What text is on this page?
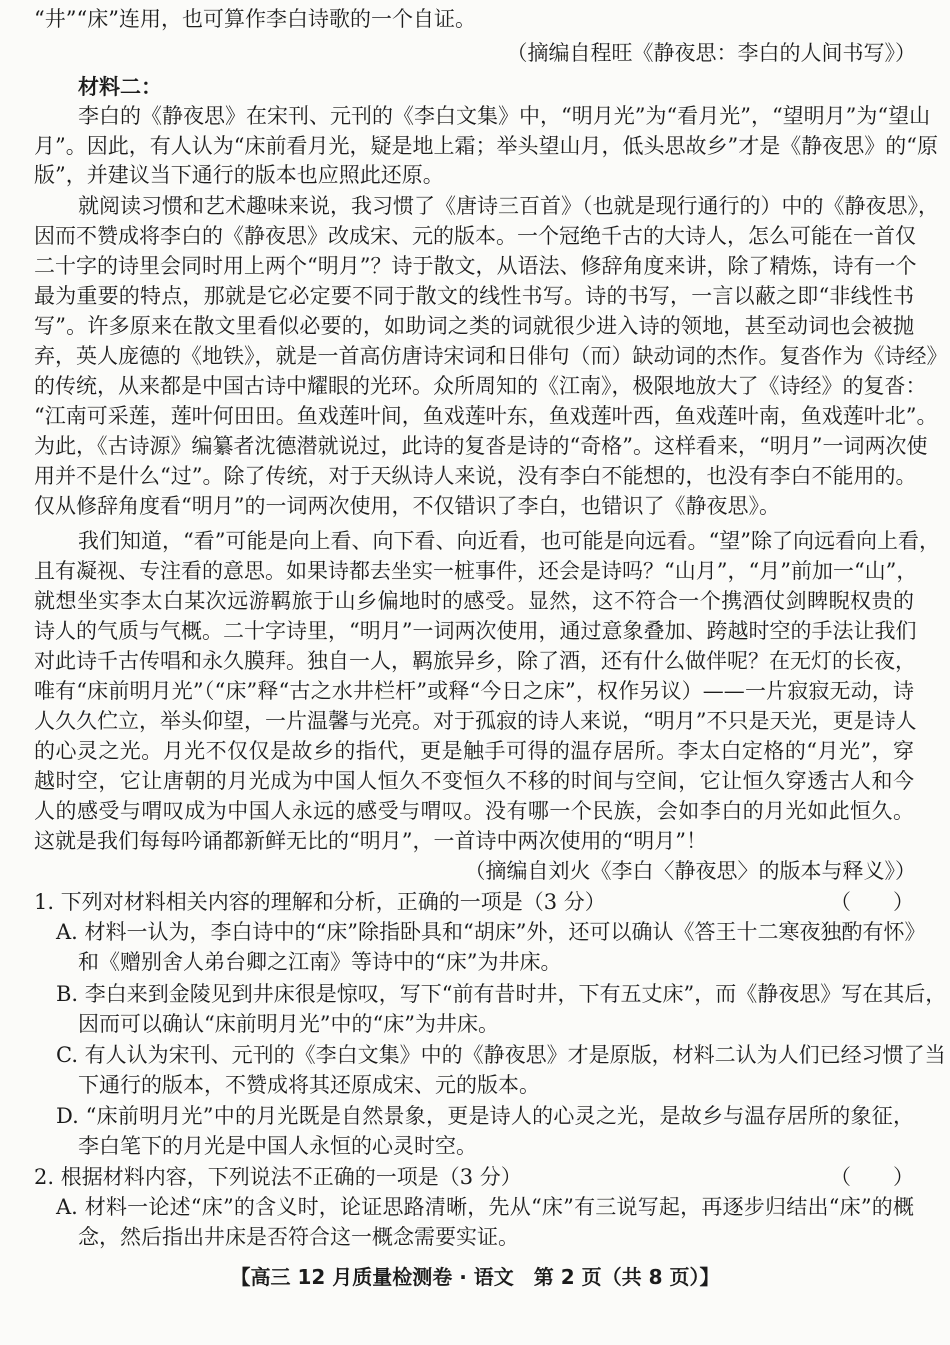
“井”“床”连用，也可算作李白诗歌的一个自证。
（摘编自程旺《静夜思：李白的人间书写》）
材料二：
李白的《静夜思》在宋刊、元刊的《李白文集》中，“明月光”为“看月光”，“望明月”为“望山
月”。因此，有人认为“床前看月光，疑是地上霜；举头望山月，低头思故乡”才是《静夜思》的“原
版”，并建议当下通行的版本也应照此还原。
就阅读习惯和艺术趣味来说，我习惯了《唐诗三百首》（也就是现行通行的）中的《静夜思》，
因而不赞成将李白的《静夜思》改成宋、元的版本。一个冠绝千古的大诗人，怎么可能在一首仅
二十字的诗里会同时用上两个“明月”？诗于散文，从语法、修辞角度来讲，除了精炼，诗有一个
最为重要的特点，那就是它必定要不同于散文的线性书写。诗的书写，一言以蔽之即“非线性书
写”。许多原来在散文里看似必要的，如助词之类的词就很少进入诗的领地，甚至动词也会被抛
弃，英人庞德的《地铁》，就是一首高仿唐诗宋词和日俳句（而）缺动词的杰作。复沓作为《诗经》
的传统，从来都是中国古诗中耀眼的光环。众所周知的《江南》，极限地放大了《诗经》的复沓：
“江南可采莲，莲叶何田田。鱼戏莲叶间，鱼戏莲叶东，鱼戏莲叶西，鱼戏莲叶南，鱼戏莲叶北”。
为此，《古诗源》编纂者沈德潜就说过，此诗的复沓是诗的“奇格”。这样看来，“明月”一词两次使
用并不是什么“过”。除了传统，对于天纵诗人来说，没有李白不能想的，也没有李白不能用的。
仅从修辞角度看“明月”的一词两次使用，不仅错识了李白，也错识了《静夜思》。
我们知道，“看”可能是向上看、向下看、向近看，也可能是向远看。“望”除了向远看向上看，
且有凝视、专注看的意思。如果诗都去坐实一桩事件，还会是诗吗？“山月”，“月”前加一“山”，
就想坐实李太白某次远游羁旅于山乡偏地时的感受。显然，这不符合一个携酒仗剑睥睨权贵的
诗人的气质与气概。二十字诗里，“明月”一词两次使用，通过意象叠加、跨越时空的手法让我们
对此诗千古传唱和永久膜拜。独自一人，羁旅异乡，除了酒，还有什么做伴呢？在无灯的长夜，
唯有“床前明月光”（“床”释“古之水井栏杆”或释“今日之床”，权作另议）——一片寂寂无动，诗
人久久伫立，举头仰望，一片温馨与光亮。对于孤寂的诗人来说，“明月”不只是天光，更是诗人
的心灵之光。月光不仅仅是故乡的指代，更是触手可得的温存居所。李太白定格的“月光”，穿
越时空，它让唐朝的月光成为中国人恒久不变恒久不移的时间与空间，它让恒久穿透古人和今
人的感受与喟叹成为中国人永远的感受与喟叹。没有哪一个民族，会如李白的月光如此恒久。
这就是我们每每吟诵都新鲜无比的“明月”，一首诗中两次使用的“明月”！
（摘编自刘火《李白〈静夜思〉的版本与释义》）
1. 下列对材料相关内容的理解和分析，正确的一项是（3 分）	（　　）
A. 材料一认为，李白诗中的“床”除指卧具和“胡床”外，还可以确认《答王十二寒夜独酌有怀》
和《赠别舍人弟台卿之江南》等诗中的“床”为井床。
B. 李白来到金陵见到井床很是惊叹，写下“前有昔时井，下有五丈床”，而《静夜思》写在其后，
因而可以确认“床前明月光”中的“床”为井床。
C. 有人认为宋刊、元刊的《李白文集》中的《静夜思》才是原版，材料二认为人们已经习惯了当
下通行的版本，不赞成将其还原成宋、元的版本。
D. “床前明月光”中的月光既是自然景象，更是诗人的心灵之光，是故乡与温存居所的象征，
李白笔下的月光是中国人永恒的心灵时空。
2. 根据材料内容，下列说法不正确的一项是（3 分）	（　　）
A. 材料一论述“床”的含义时，论证思路清晰，先从“床”有三说写起，再逐步归结出“床”的概
念，然后指出井床是否符合这一概念需要实证。
【高三 12 月质量检测卷 · 语文　第 2 页（共 8 页）】
